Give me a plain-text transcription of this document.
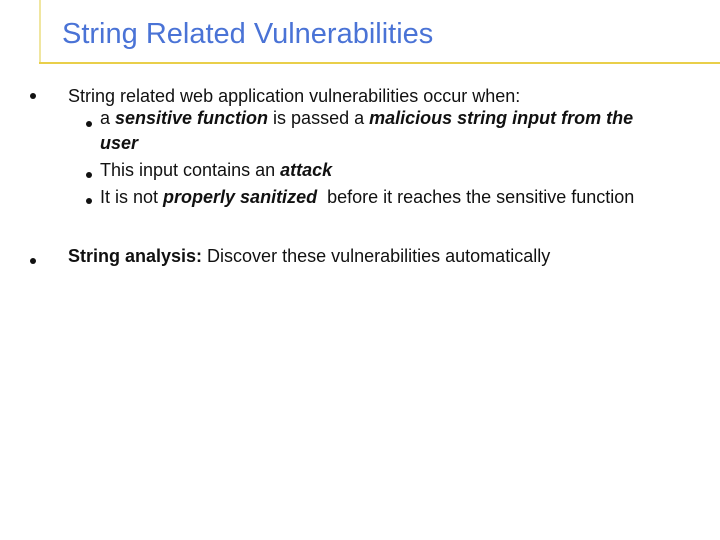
String Related Vulnerabilities
String related web application vulnerabilities occur when:
a sensitive function is passed a malicious string input from the
user
This input contains an attack
It is not properly sanitized  before it reaches the sensitive function
String analysis: Discover these vulnerabilities automatically
